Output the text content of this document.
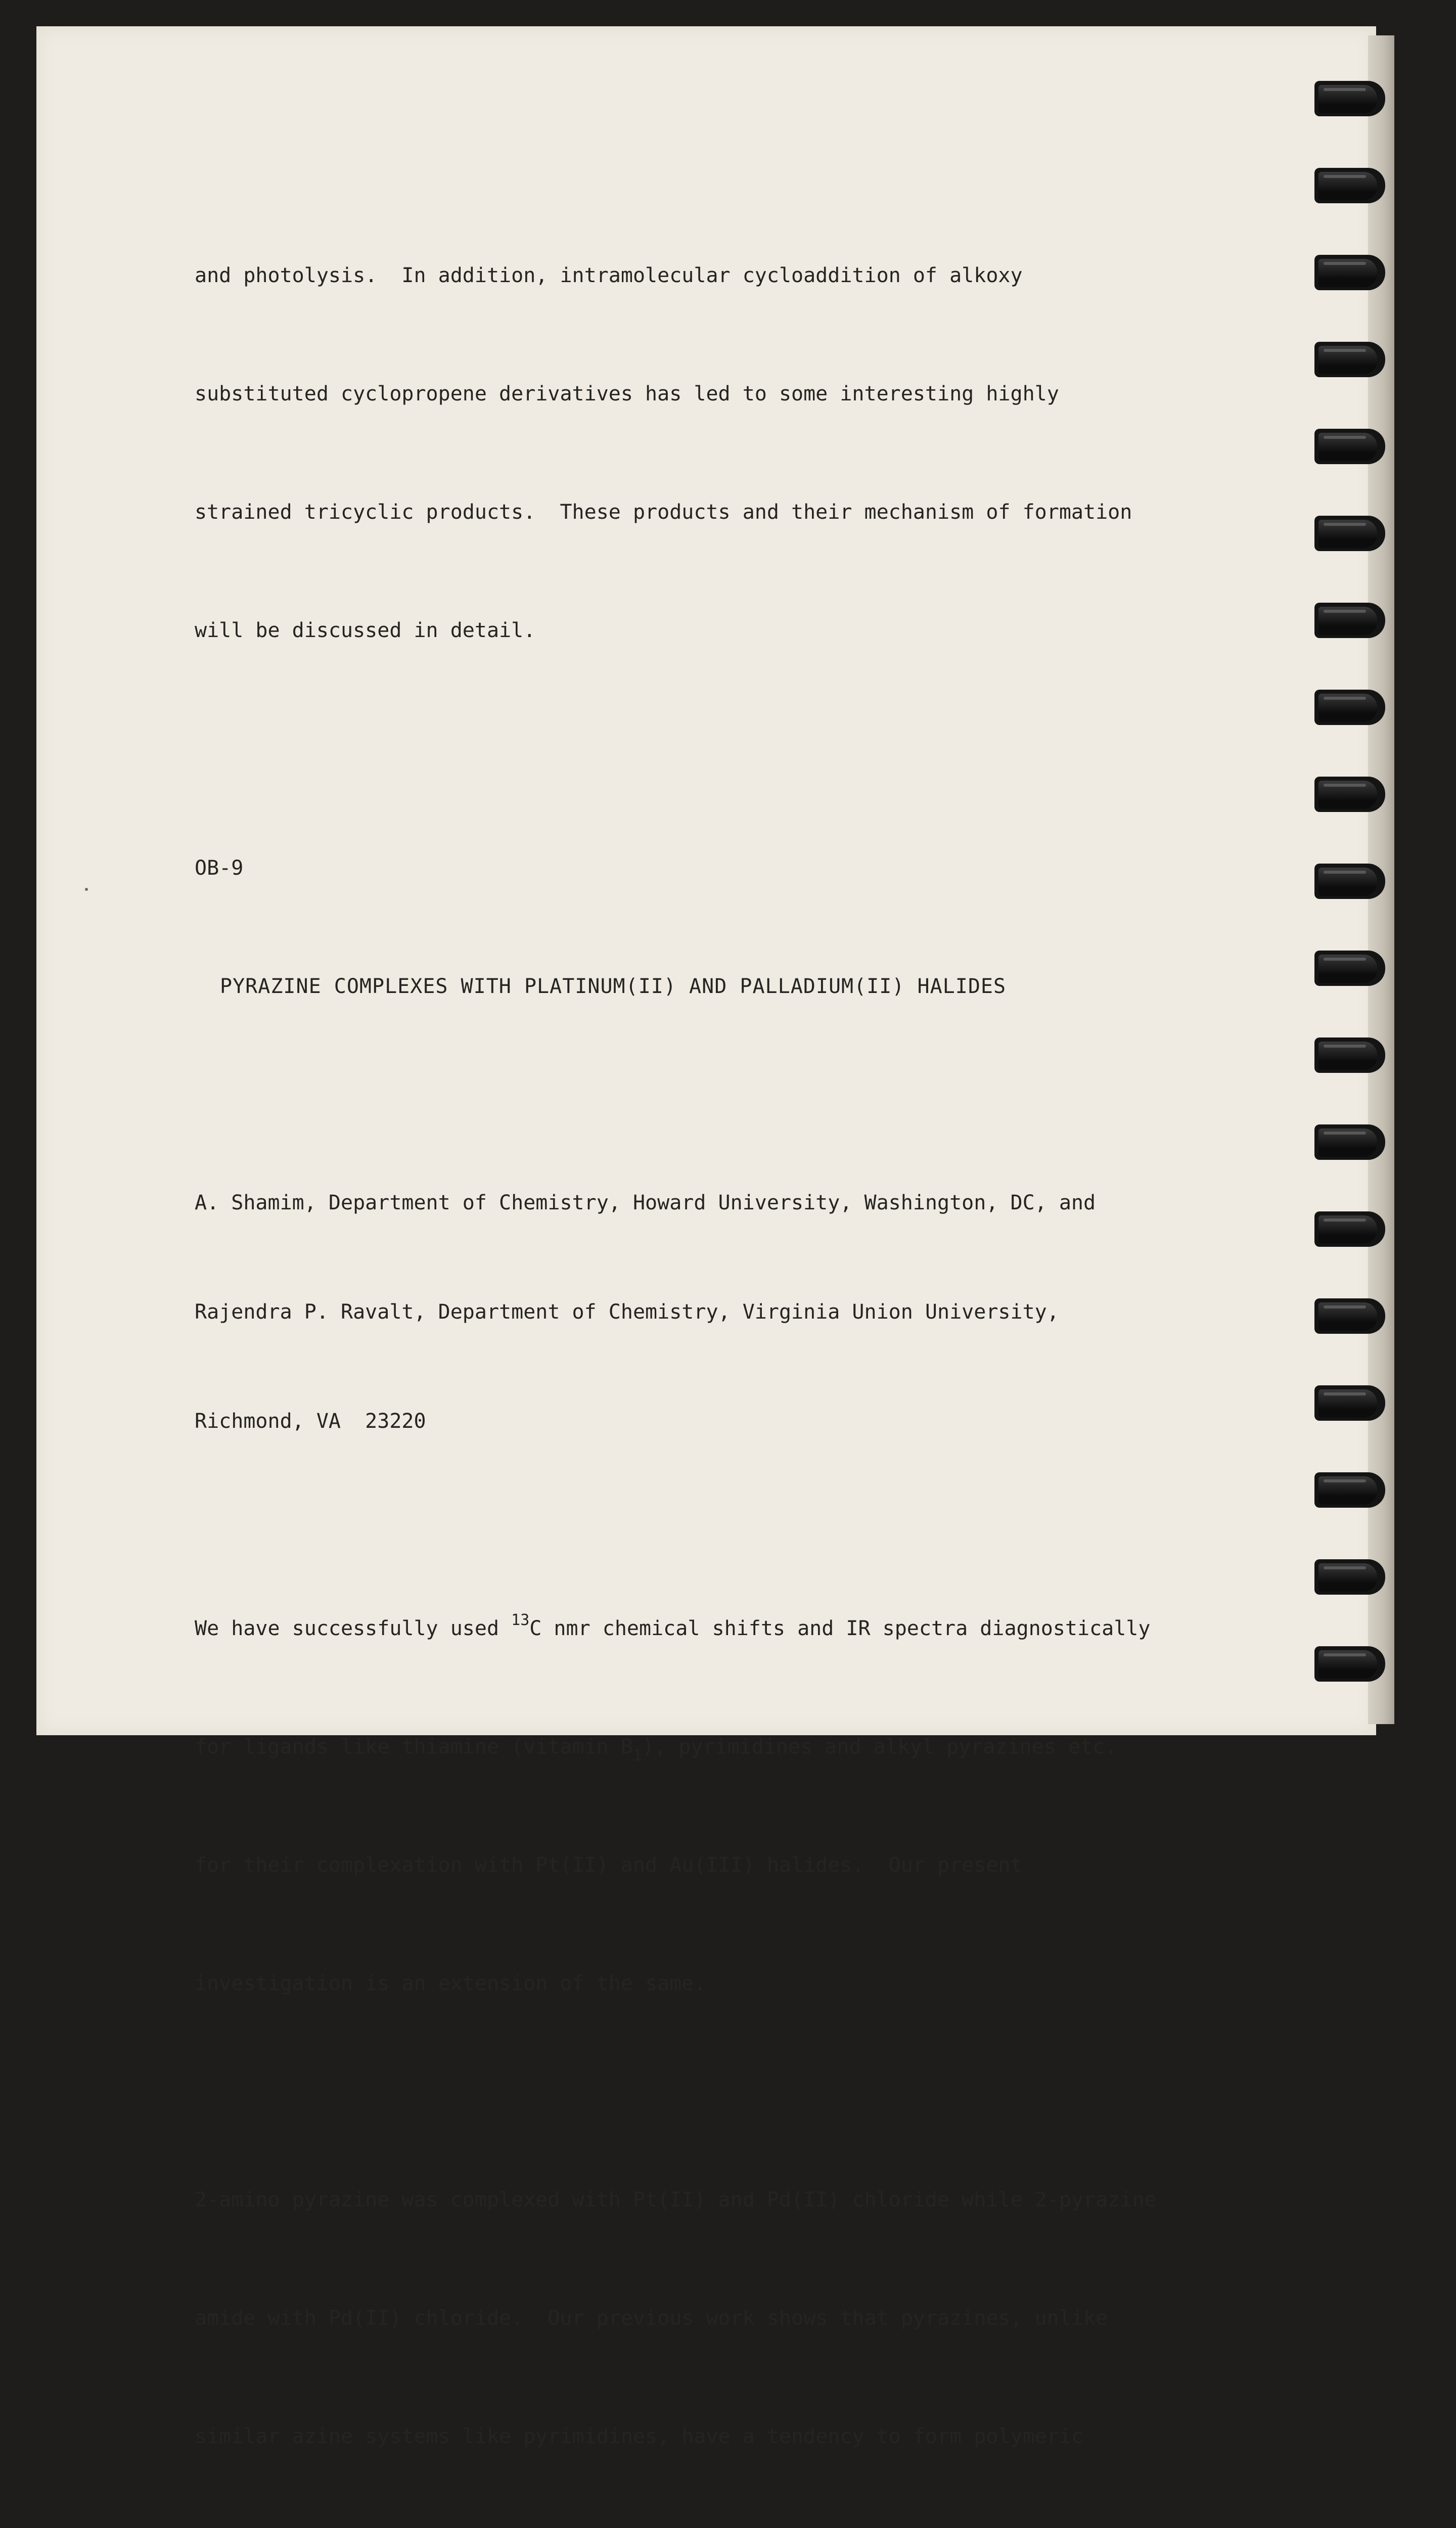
and photolysis.  In addition, intramolecular cycloaddition of alkoxy

substituted cyclopropene derivatives has led to some interesting highly

strained tricyclic products.  These products and their mechanism of formation

will be discussed in detail.

OB-9

PYRAZINE COMPLEXES WITH PLATINUM(II) AND PALLADIUM(II) HALIDES

A. Shamim, Department of Chemistry, Howard University, Washington, DC, and

Rajendra P. Ravalt, Department of Chemistry, Virginia Union University,

Richmond, VA  23220

We have successfully used $^{13}$C nmr chemical shifts and IR spectra diagnostically

for ligands like thiamine (vitamin $B_1$), pyrimidines and alkyl pyrazines etc.

for their complexation with Pt(II) and Au(III) halides.  Our present

investigation is an extension of the same.

2-amino pyrazine was complexed with Pt(II) and Pd(II) chloride while 2-pyrazine

amide with Pd(II) chloride.  Our previous work shows that pyrazines, unlike

similar azine systems like pyrimidines, have a tendency to form polymeric
